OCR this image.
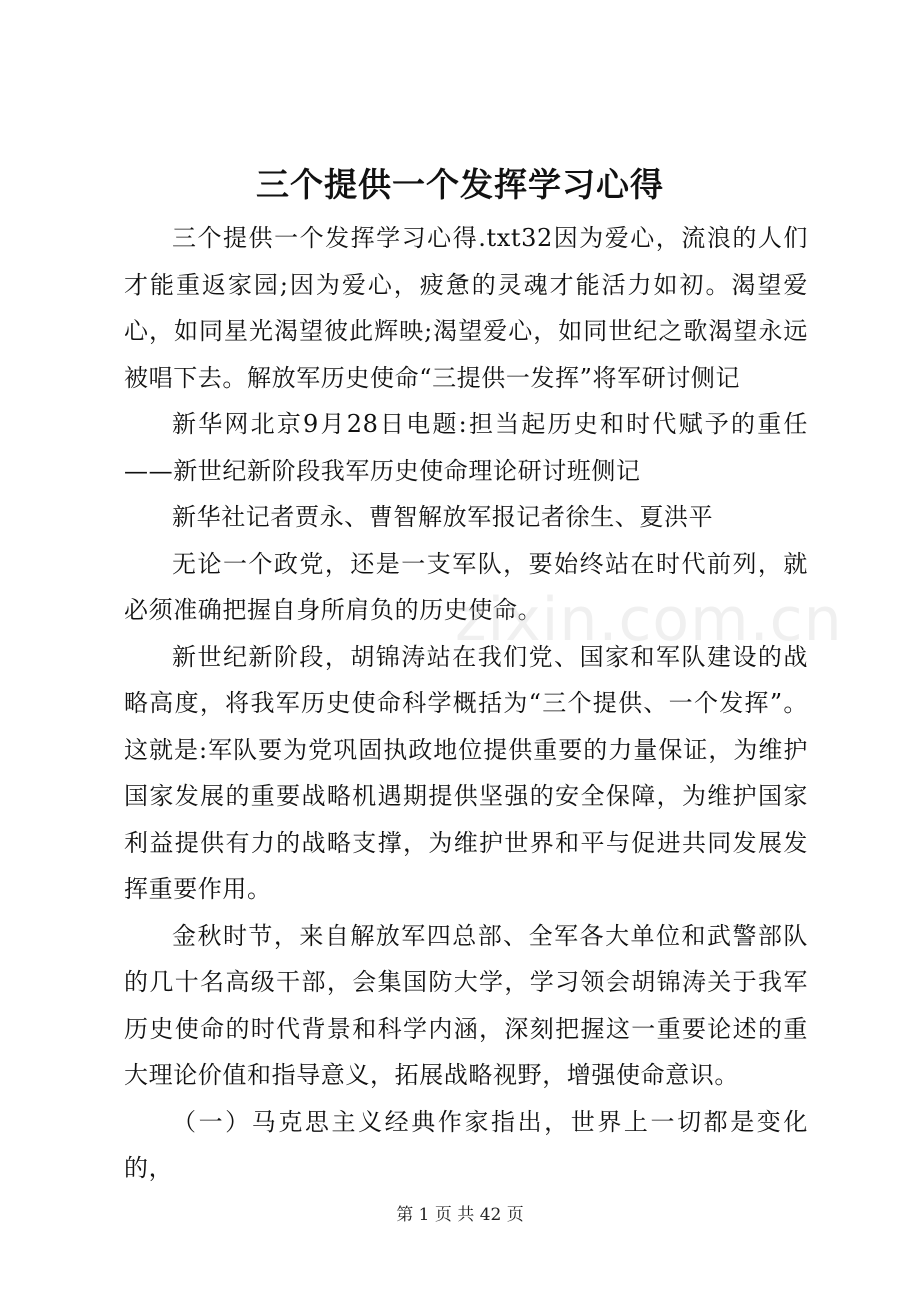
三个提供一个发挥学习心得

三个提供一个发挥学习心得.txt32因为爱心，流浪的人们才能重返家园;因为爱心，疲惫的灵魂才能活力如初。渴望爱心，如同星光渴望彼此辉映;渴望爱心，如同世纪之歌渴望永远被唱下去。解放军历史使命“三提供一发挥”将军研讨侧记

新华网北京9月28日电题:担当起历史和时代赋予的重任——新世纪新阶段我军历史使命理论研讨班侧记

新华社记者贾永、曹智解放军报记者徐生、夏洪平

无论一个政党，还是一支军队，要始终站在时代前列，就必须准确把握自身所肩负的历史使命。

新世纪新阶段，胡锦涛站在我们党、国家和军队建设的战略高度，将我军历史使命科学概括为“三个提供、一个发挥”。这就是:军队要为党巩固执政地位提供重要的力量保证，为维护国家发展的重要战略机遇期提供坚强的安全保障，为维护国家利益提供有力的战略支撑，为维护世界和平与促进共同发展发挥重要作用。

金秋时节，来自解放军四总部、全军各大单位和武警部队的几十名高级干部，会集国防大学，学习领会胡锦涛关于我军历史使命的时代背景和科学内涵，深刻把握这一重要论述的重大理论价值和指导意义，拓展战略视野，增强使命意识。

（一）马克思主义经典作家指出，世界上一切都是变化的，

zixin.com.cn

第 1 页 共 42 页
